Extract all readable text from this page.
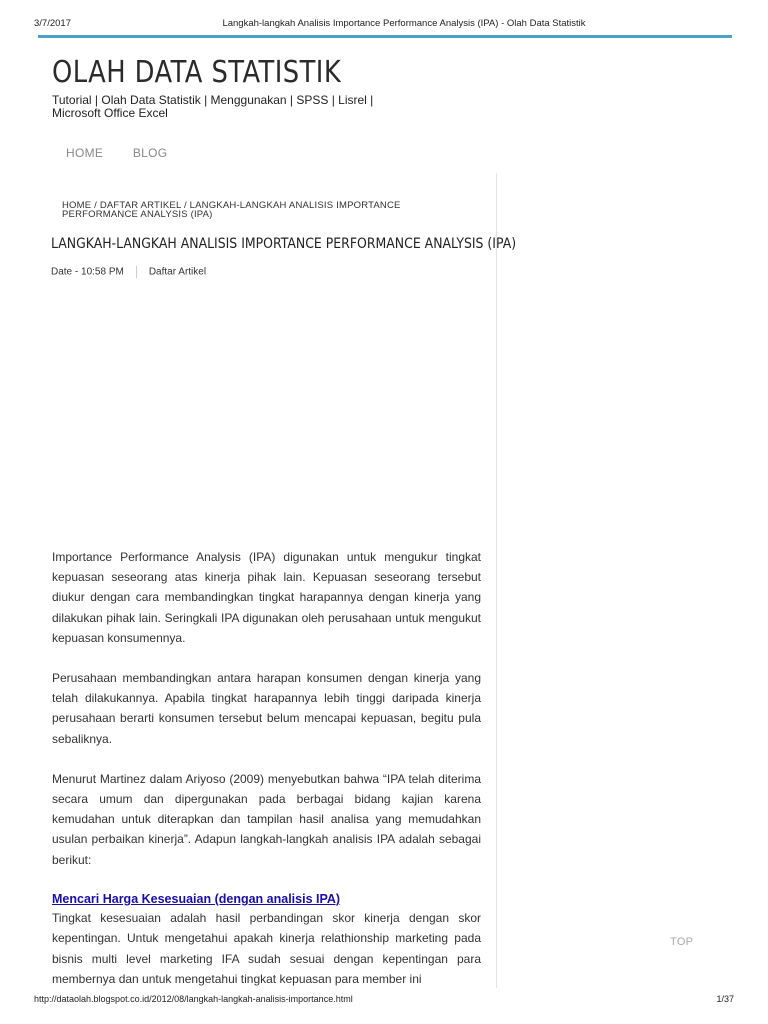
3/7/2017	Langkah-langkah Analisis Importance Performance Analysis (IPA) - Olah Data Statistik
OLAH DATA STATISTIK
Tutorial | Olah Data Statistik | Menggunakan | SPSS | Lisrel | Microsoft Office Excel
HOME BLOG
HOME / DAFTAR ARTIKEL / LANGKAH-LANGKAH ANALISIS IMPORTANCE PERFORMANCE ANALYSIS (IPA)
LANGKAH-LANGKAH ANALISIS IMPORTANCE PERFORMANCE ANALYSIS (IPA)
Date - 10:58 PM	Daftar Artikel

Importance Performance Analysis (IPA) digunakan untuk mengukur tingkat kepuasan seseorang atas kinerja pihak lain. Kepuasan seseorang tersebut diukur dengan cara membandingkan tingkat harapannya dengan kinerja yang dilakukan pihak lain. Seringkali IPA digunakan oleh perusahaan untuk mengukut kepuasan konsumennya.

Perusahaan membandingkan antara harapan konsumen dengan kinerja yang telah dilakukannya. Apabila tingkat harapannya lebih tinggi daripada kinerja perusahaan berarti konsumen tersebut belum mencapai kepuasan, begitu pula sebaliknya.

Menurut Martinez dalam Ariyoso (2009) menyebutkan bahwa “IPA telah diterima secara umum dan dipergunakan pada berbagai bidang kajian karena kemudahan untuk diterapkan dan tampilan hasil analisa yang memudahkan usulan perbaikan kinerja”. Adapun langkah-langkah analisis IPA adalah sebagai berikut:

Mencari Harga Kesesuaian (dengan analisis IPA)

Tingkat kesesuaian adalah hasil perbandingan skor kinerja dengan skor kepentingan. Untuk mengetahui apakah kinerja relathionship marketing pada bisnis multi level marketing IFA sudah sesuai dengan kepentingan para membernya dan untuk mengetahui tingkat kepuasan para member ini

TOP
http://dataolah.blogspot.co.id/2012/08/langkah-langkah-analisis-importance.html	1/37
